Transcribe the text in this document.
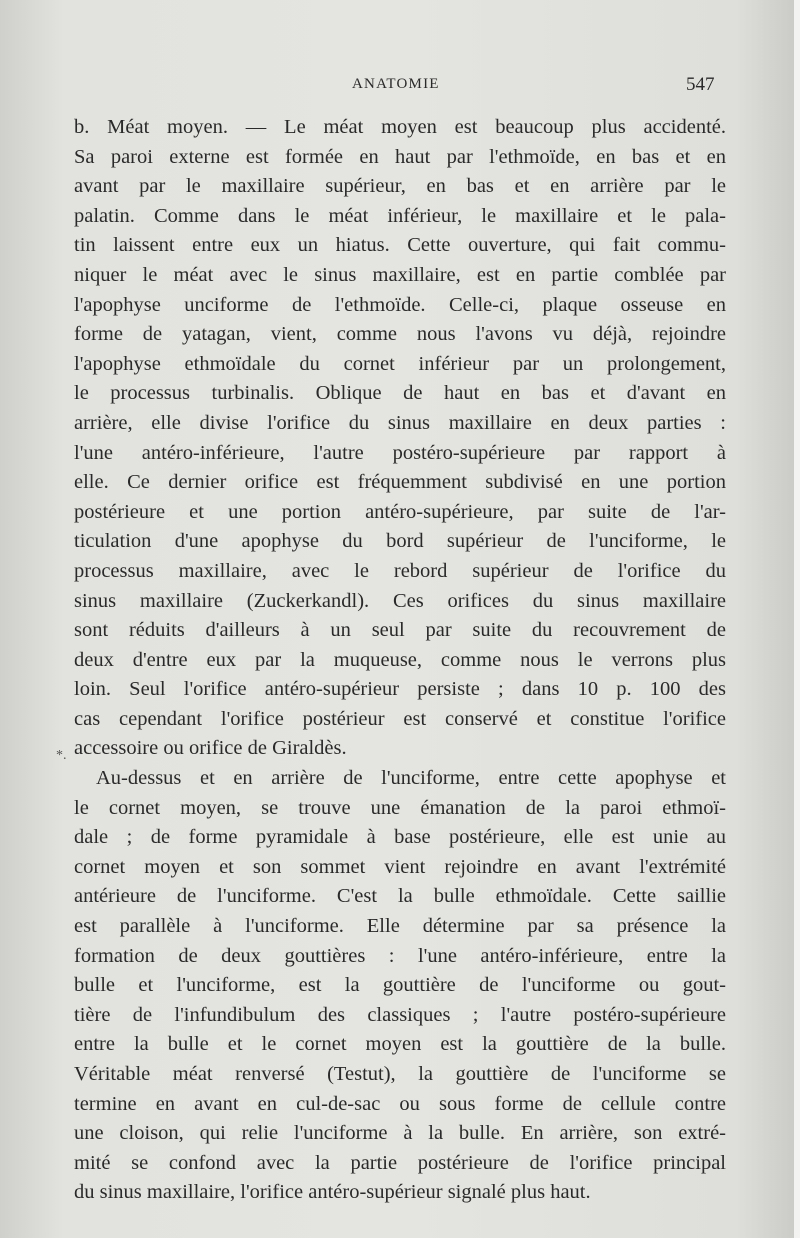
ANATOMIE	547
*.
b. Méat moyen. — Le méat moyen est beaucoup plus accidenté.
Sa paroi externe est formée en haut par l'ethmoïde, en bas et en
avant par le maxillaire supérieur, en bas et en arrière par le
palatin. Comme dans le méat inférieur, le maxillaire et le pala-
tin laissent entre eux un hiatus. Cette ouverture, qui fait commu-
niquer le méat avec le sinus maxillaire, est en partie comblée par
l'apophyse unciforme de l'ethmoïde. Celle-ci, plaque osseuse en
forme de yatagan, vient, comme nous l'avons vu déjà, rejoindre
l'apophyse ethmoïdale du cornet inférieur par un prolongement,
le processus turbinalis. Oblique de haut en bas et d'avant en
arrière, elle divise l'orifice du sinus maxillaire en deux parties :
l'une antéro-inférieure, l'autre postéro-supérieure par rapport à
elle. Ce dernier orifice est fréquemment subdivisé en une portion
postérieure et une portion antéro-supérieure, par suite de l'ar-
ticulation d'une apophyse du bord supérieur de l'unciforme, le
processus maxillaire, avec le rebord supérieur de l'orifice du
sinus maxillaire (Zuckerkandl). Ces orifices du sinus maxillaire
sont réduits d'ailleurs à un seul par suite du recouvrement de
deux d'entre eux par la muqueuse, comme nous le verrons plus
loin. Seul l'orifice antéro-supérieur persiste ; dans 10 p. 100 des
cas cependant l'orifice postérieur est conservé et constitue l'orifice
accessoire ou orifice de Giraldès.
Au-dessus et en arrière de l'unciforme, entre cette apophyse et
le cornet moyen, se trouve une émanation de la paroi ethmoï-
dale ; de forme pyramidale à base postérieure, elle est unie au
cornet moyen et son sommet vient rejoindre en avant l'extrémité
antérieure de l'unciforme. C'est la bulle ethmoïdale. Cette saillie
est parallèle à l'unciforme. Elle détermine par sa présence la
formation de deux gouttières : l'une antéro-inférieure, entre la
bulle et l'unciforme, est la gouttière de l'unciforme ou gout-
tière de l'infundibulum des classiques ; l'autre postéro-supérieure
entre la bulle et le cornet moyen est la gouttière de la bulle.
Véritable méat renversé (Testut), la gouttière de l'unciforme se
termine en avant en cul-de-sac ou sous forme de cellule contre
une cloison, qui relie l'unciforme à la bulle. En arrière, son extré-
mité se confond avec la partie postérieure de l'orifice principal
du sinus maxillaire, l'orifice antéro-supérieur signalé plus haut.
